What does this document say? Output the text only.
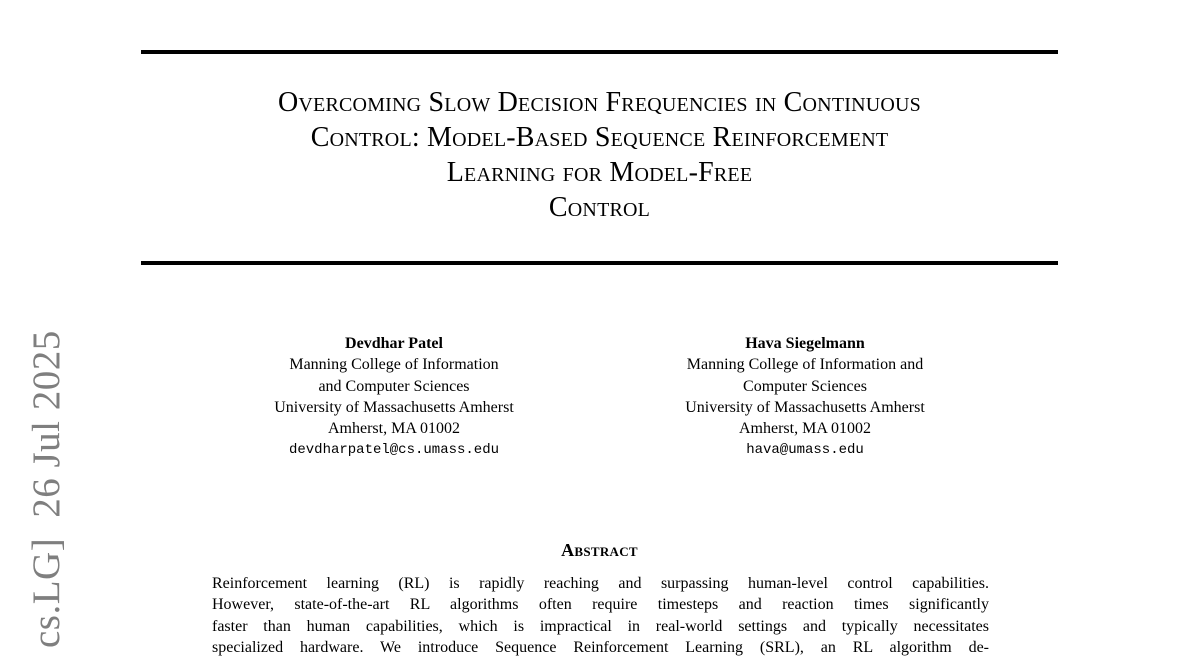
cs.LG]26 Jul 2025
Overcoming Slow Decision Frequencies in Continuous
Control: Model-Based Sequence Reinforcement
Learning for Model-Free
Control
Devdhar Patel
Manning College of Information
and Computer Sciences
University of Massachusetts Amherst
Amherst, MA 01002
devdharpatel@cs.umass.edu
Hava Siegelmann
Manning College of Information and
Computer Sciences
University of Massachusetts Amherst
Amherst, MA 01002
hava@umass.edu
Abstract
Reinforcement learning (RL) is rapidly reaching and surpassing human-level control capabilities.
However, state-of-the-art RL algorithms often require timesteps and reaction times significantly
faster than human capabilities, which is impractical in real-world settings and typically necessitates
specialized hardware. We introduce Sequence Reinforcement Learning (SRL), an RL algorithm de-
